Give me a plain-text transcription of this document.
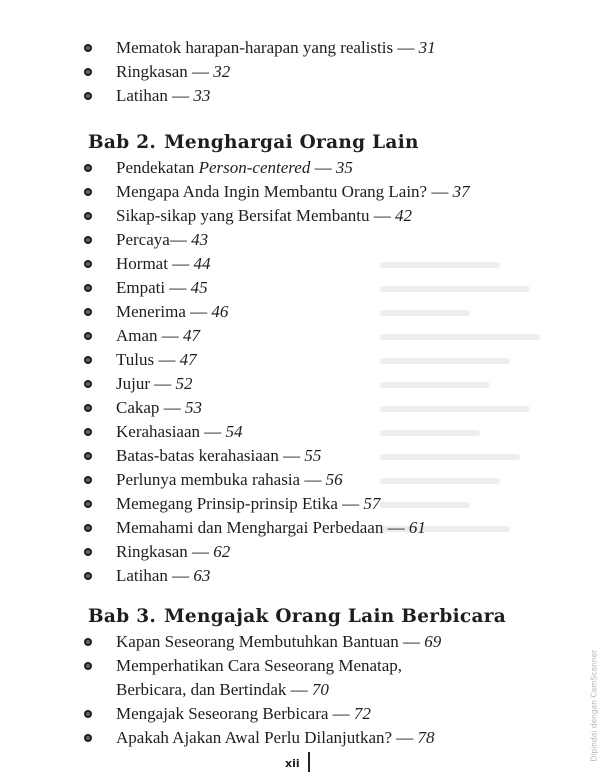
Mematok harapan-harapan yang realistis — 31
Ringkasan — 32
Latihan — 33
Bab 2. Menghargai Orang Lain
Pendekatan Person-centered — 35
Mengapa Anda Ingin Membantu Orang Lain? — 37
Sikap-sikap yang Bersifat Membantu — 42
Percaya— 43
Hormat — 44
Empati — 45
Menerima — 46
Aman — 47
Tulus — 47
Jujur — 52
Cakap — 53
Kerahasiaan — 54
Batas-batas kerahasiaan — 55
Perlunya membuka rahasia — 56
Memegang Prinsip-prinsip Etika — 57
Memahami dan Menghargai Perbedaan — 61
Ringkasan — 62
Latihan — 63
Bab 3. Mengajak Orang Lain Berbicara
Kapan Seseorang Membutuhkan Bantuan — 69
Memperhatikan Cara Seseorang Menatap,
Berbicara, dan Bertindak — 70
Mengajak Seseorang Berbicara — 72
Apakah Ajakan Awal Perlu Dilanjutkan? — 78
xii
Dipindai dengan CamScanner
